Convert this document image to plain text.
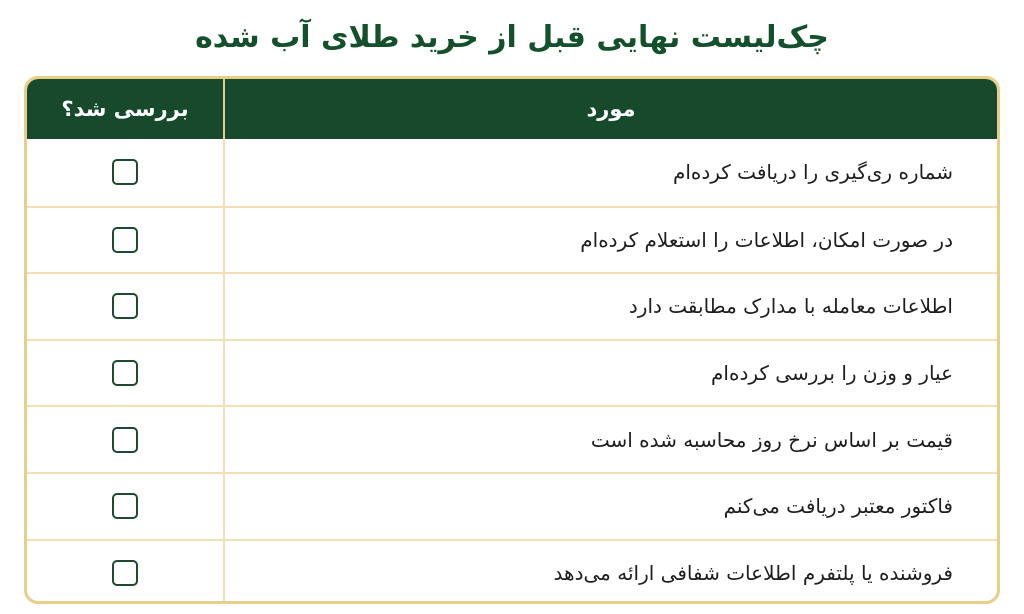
چک‌لیست نهایی قبل از خرید طلای آب شده
بررسی شد؟	مورد
شماره ری‌گیری را دریافت کرده‌ام
در صورت امکان، اطلاعات را استعلام کرده‌ام
اطلاعات معامله با مدارک مطابقت دارد
عیار و وزن را بررسی کرده‌ام
قیمت بر اساس نرخ روز محاسبه شده است
فاکتور معتبر دریافت می‌کنم
فروشنده یا پلتفرم اطلاعات شفافی ارائه می‌دهد
